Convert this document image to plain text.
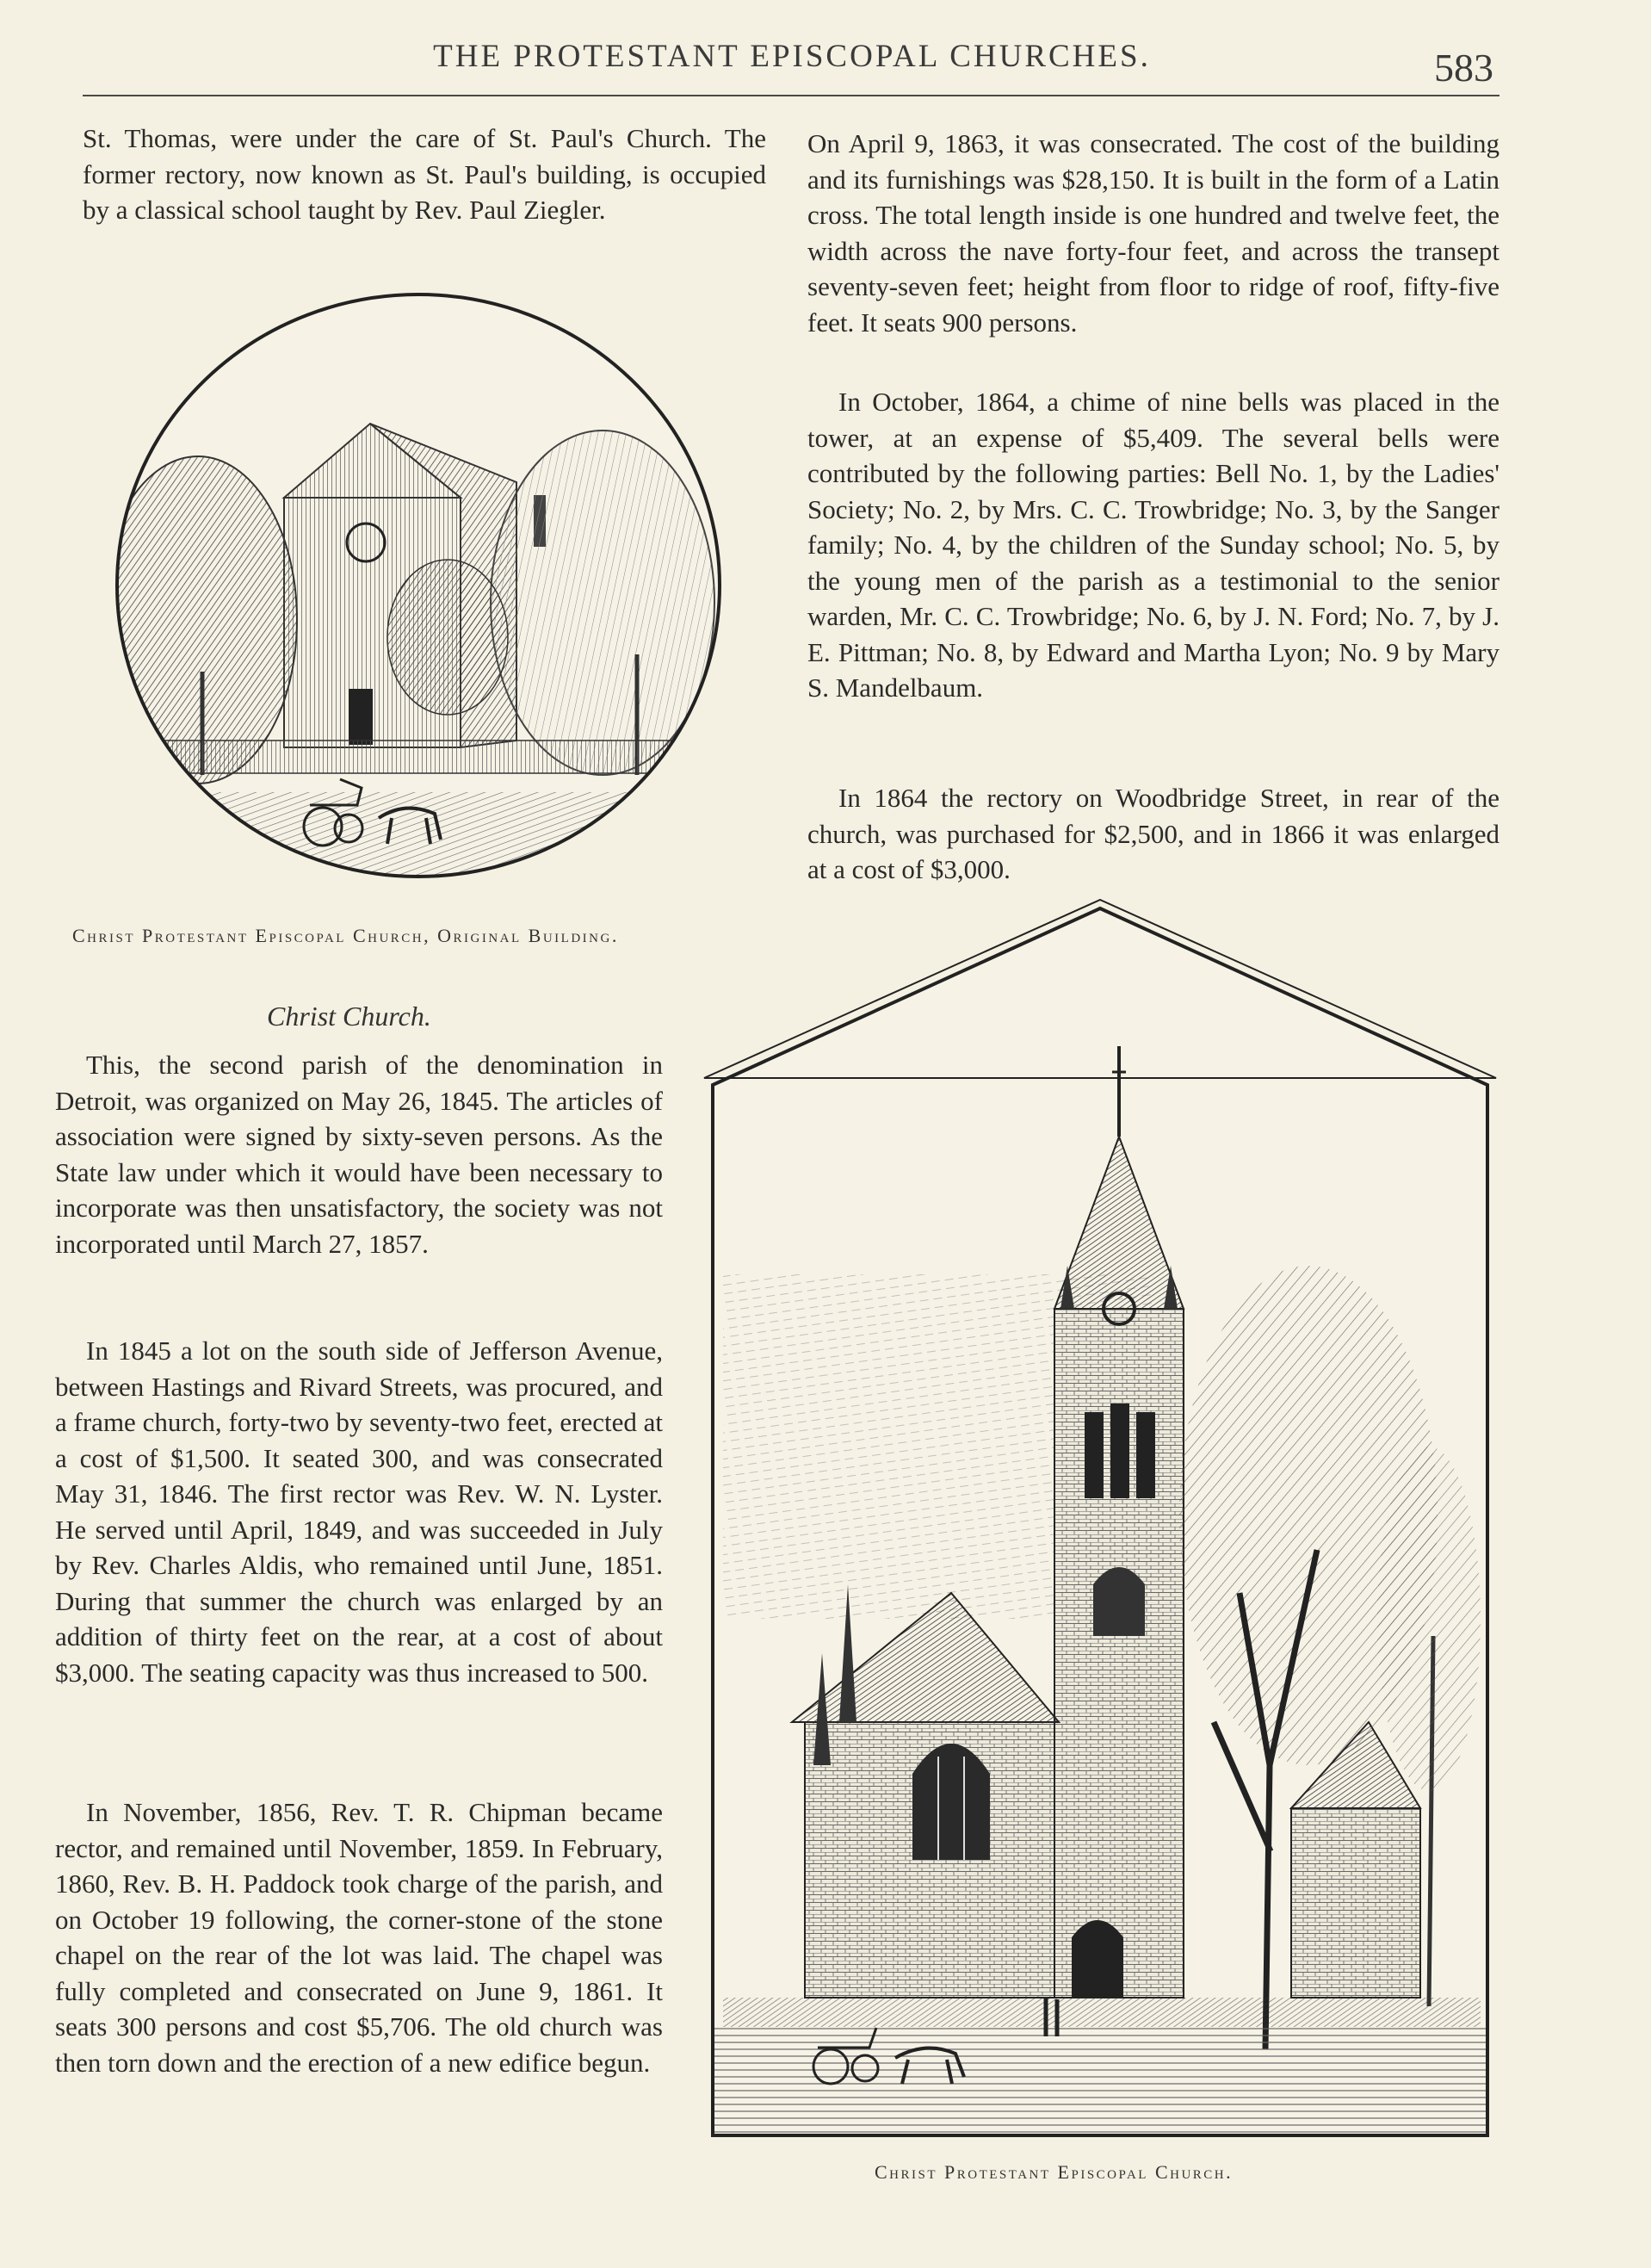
THE PROTESTANT EPISCOPAL CHURCHES.	583

St. Thomas, were under the care of St. Paul's Church. The former rectory, now known as St. Paul's building, is occupied by a classical school taught by Rev. Paul Ziegler.

Christ Protestant Episcopal Church, Original Building.
Christ Church.

This, the second parish of the denomination in Detroit, was organized on May 26, 1845. The articles of association were signed by sixty-seven persons. As the State law under which it would have been necessary to incorporate was then unsatisfactory, the society was not incorporated until March 27, 1857.

In 1845 a lot on the south side of Jefferson Avenue, between Hastings and Rivard Streets, was procured, and a frame church, forty-two by seventy-two feet, erected at a cost of $1,500. It seated 300, and was consecrated May 31, 1846. The first rector was Rev. W. N. Lyster. He served until April, 1849, and was succeeded in July by Rev. Charles Aldis, who remained until June, 1851. During that summer the church was enlarged by an addition of thirty feet on the rear, at a cost of about $3,000. The seating capacity was thus increased to 500.

In November, 1856, Rev. T. R. Chipman became rector, and remained until November, 1859. In February, 1860, Rev. B. H. Paddock took charge of the parish, and on October 19 following, the corner-stone of the stone chapel on the rear of the lot was laid. The chapel was fully completed and consecrated on June 9, 1861. It seats 300 persons and cost $5,706. The old church was then torn down and the erection of a new edifice begun.

On April 9, 1863, it was consecrated. The cost of the building and its furnishings was $28,150. It is built in the form of a Latin cross. The total length inside is one hundred and twelve feet, the width across the nave forty-four feet, and across the transept seventy-seven feet; height from floor to ridge of roof, fifty-five feet. It seats 900 persons.

In October, 1864, a chime of nine bells was placed in the tower, at an expense of $5,409. The several bells were contributed by the following parties: Bell No. 1, by the Ladies' Society; No. 2, by Mrs. C. C. Trowbridge; No. 3, by the Sanger family; No. 4, by the children of the Sunday school; No. 5, by the young men of the parish as a testimonial to the senior warden, Mr. C. C. Trowbridge; No. 6, by J. N. Ford; No. 7, by J. E. Pittman; No. 8, by Edward and Martha Lyon; No. 9 by Mary S. Mandelbaum.

In 1864 the rectory on Woodbridge Street, in rear of the church, was purchased for $2,500, and in 1866 it was enlarged at a cost of $3,000.

Christ Protestant Episcopal Church.
